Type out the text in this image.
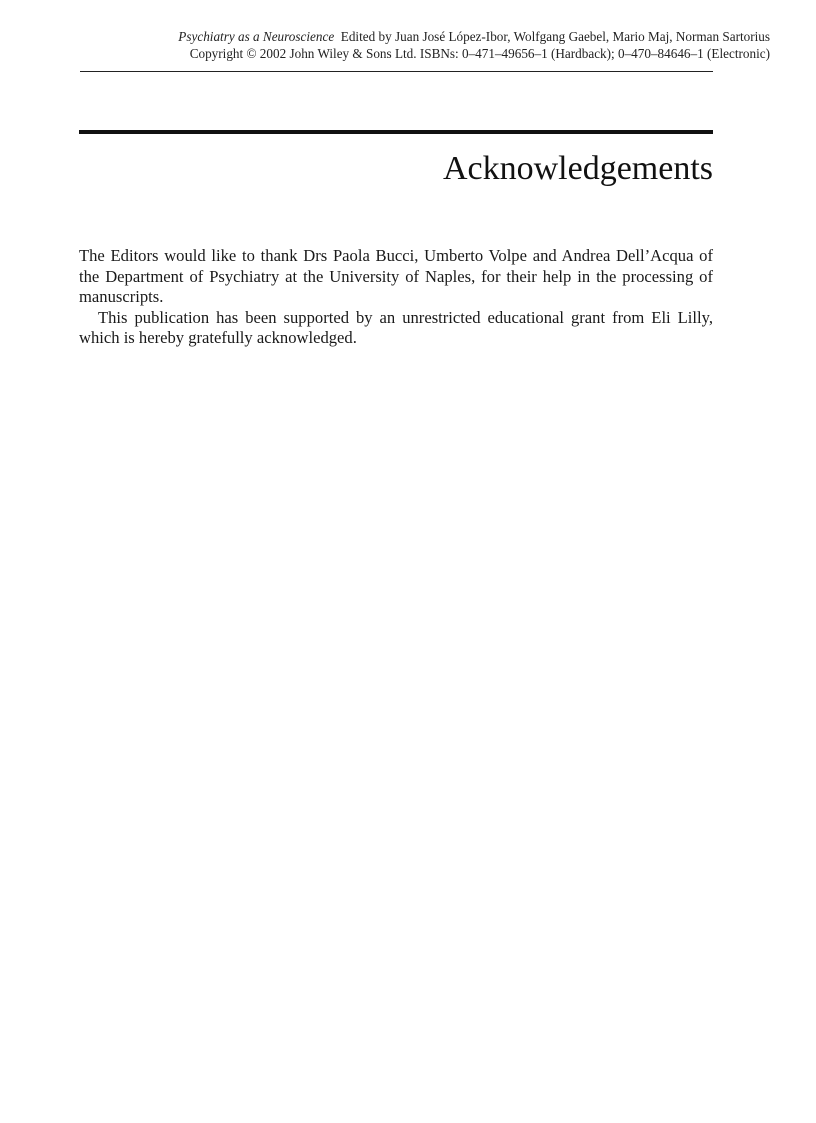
Psychiatry as a Neuroscience Edited by Juan José López-Ibor, Wolfgang Gaebel, Mario Maj, Norman Sartorius
Copyright © 2002 John Wiley & Sons Ltd. ISBNs: 0–471–49656–1 (Hardback); 0–470–84646–1 (Electronic)
Acknowledgements

The Editors would like to thank Drs Paola Bucci, Umberto Volpe and Andrea Dell’Acqua of the Department of Psychiatry at the University of Naples, for their help in the processing of manuscripts.

This publication has been supported by an unrestricted educational grant from Eli Lilly, which is hereby gratefully acknowledged.
